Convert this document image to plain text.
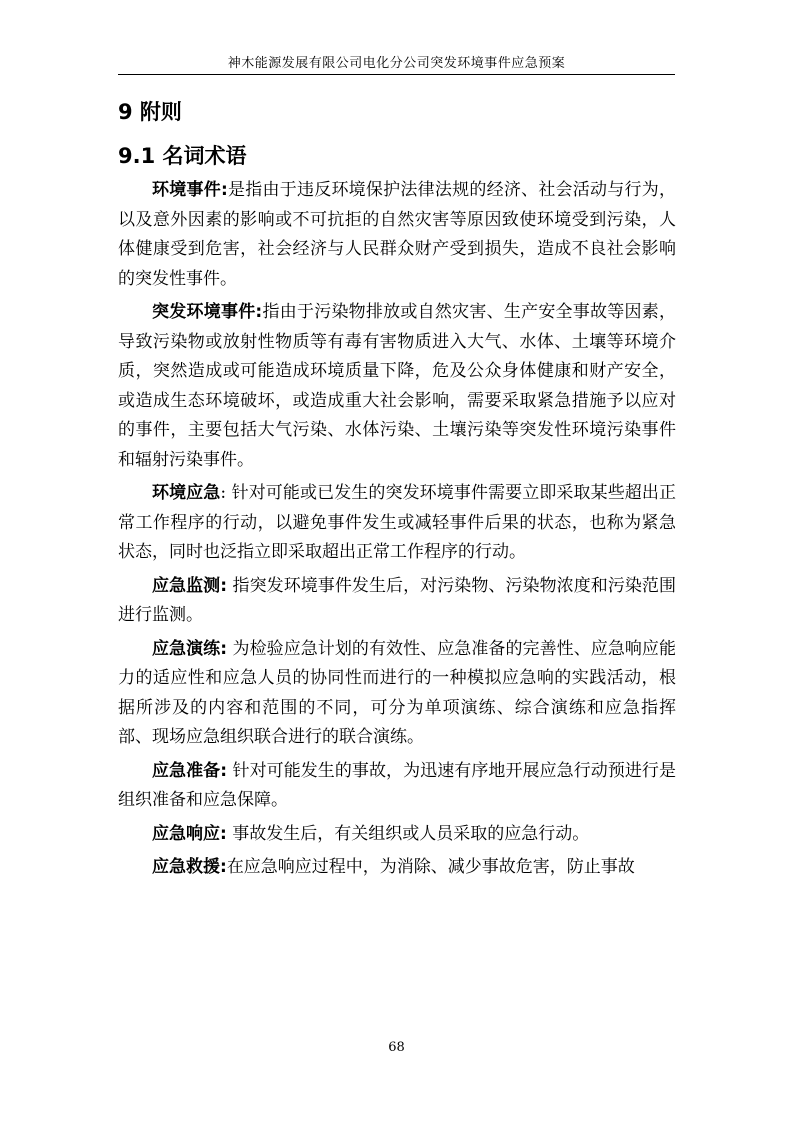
神木能源发展有限公司电化分公司突发环境事件应急预案
9 附则
9.1 名词术语

环境事件:是指由于违反环境保护法律法规的经济、社会活动与行为，以及意外因素的影响或不可抗拒的自然灾害等原因致使环境受到污染，人体健康受到危害，社会经济与人民群众财产受到损失，造成不良社会影响的突发性事件。

突发环境事件:指由于污染物排放或自然灾害、生产安全事故等因素，导致污染物或放射性物质等有毒有害物质进入大气、水体、土壤等环境介质，突然造成或可能造成环境质量下降，危及公众身体健康和财产安全，或造成生态环境破坏，或造成重大社会影响，需要采取紧急措施予以应对的事件，主要包括大气污染、水体污染、土壤污染等突发性环境污染事件和辐射污染事件。

环境应急: 针对可能或已发生的突发环境事件需要立即采取某些超出正常工作程序的行动，以避免事件发生或减轻事件后果的状态，也称为紧急状态，同时也泛指立即采取超出正常工作程序的行动。

应急监测: 指突发环境事件发生后，对污染物、污染物浓度和污染范围进行监测。

应急演练: 为检验应急计划的有效性、应急准备的完善性、应急响应能力的适应性和应急人员的协同性而进行的一种模拟应急响的实践活动，根据所涉及的内容和范围的不同，可分为单项演练、综合演练和应急指挥部、现场应急组织联合进行的联合演练。

应急准备: 针对可能发生的事故，为迅速有序地开展应急行动预进行是组织准备和应急保障。

应急响应: 事故发生后，有关组织或人员采取的应急行动。

应急救援:在应急响应过程中，为消除、减少事故危害，防止事故

68
